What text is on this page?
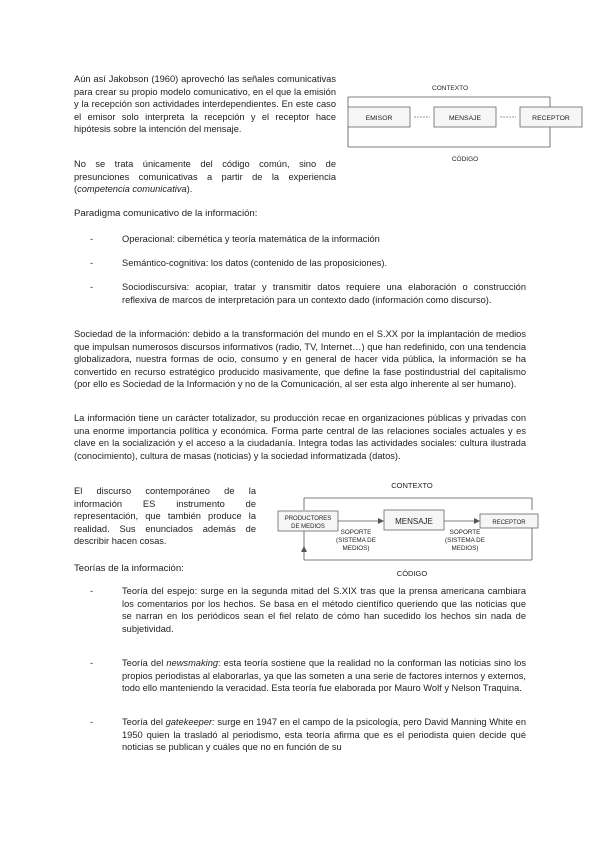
Aún así Jakobson (1960) aprovechó las señales comunicativas para crear su propio modelo comunicativo, en el que la emisión y la recepción son actividades interdependientes. En este caso el emisor solo interpreta la recepción y el receptor hace hipótesis sobre la intención del mensaje.

No se trata únicamente del código común, sino de presunciones comunicativas a partir de la experiencia (competencia comunicativa).

CONTEXTO
EMISOR	MENSAJE	RECEPTOR
CÓDIGO
Paradigma comunicativo de la información:
-	Operacional: cibernética y teoría matemática de la información

-	Semántico-cognitiva: los datos (contenido de las proposiciones).

-	Sociodiscursiva: acopiar, tratar y transmitir datos requiere una elaboración o construcción reflexiva de marcos de interpretación para un contexto dado (información como discurso).

Sociedad de la información: debido a la transformación del mundo en el S.XX por la implantación de medios que impulsan numerosos discursos informativos (radio, TV, Internet…) que han redefinido, con una tendencia globalizadora, nuestra formas de ocio, consumo y en general de hacer vida pública, la información se ha convertido en recurso estratégico producido masivamente, que define la fase postindustrial del capitalismo (por ello es Sociedad de la Información y no de la Comunicación, al ser esta algo inherente al ser humano).

La información tiene un carácter totalizador, su producción recae en organizaciones públicas y privadas con una enorme importancia política y económica. Forma parte central de las relaciones sociales actuales y es clave en la socialización y el acceso a la ciudadanía. Integra todas las actividades sociales: cultura ilustrada (conocimiento), cultura de masas (noticias) y la sociedad informatizada (datos).

El discurso contemporáneo de la información ES instrumento de representación, que también produce la realidad. Sus enunciados además de describir hacen cosas.

CONTEXTO
PRODUCTORES
DE MEDIOS
MENSAJE	RECEPTOR
SOPORTE
(SISTEMA DE
MEDIOS)
SOPORTE
(SISTEMA DE
MEDIOS)
CÓDIGO
Teorías de la información:
-	Teoría del espejo: surge en la segunda mitad del S.XIX tras que la prensa americana cambiara los comentarios por los hechos. Se basa en el método científico queriendo que las noticias que se narran en los periódicos sean el fiel relato de cómo han sucedido los hechos sin nada de subjetividad.

-	Teoría del newsmaking: esta teoría sostiene que la realidad no la conforman las noticias sino los propios periodistas al elaborarlas, ya que las someten a una serie de factores internos y externos, todo ello manteniendo la veracidad. Esta teoría fue elaborada por Mauro Wolf y Nelson Traquina.

-	Teoría del gatekeeper: surge en 1947 en el campo de la psicología, pero David Manning White en 1950 quien la trasladó al periodismo, esta teoría afirma que es el periodista quien decide qué noticias se publican y cuáles que no en función de su
